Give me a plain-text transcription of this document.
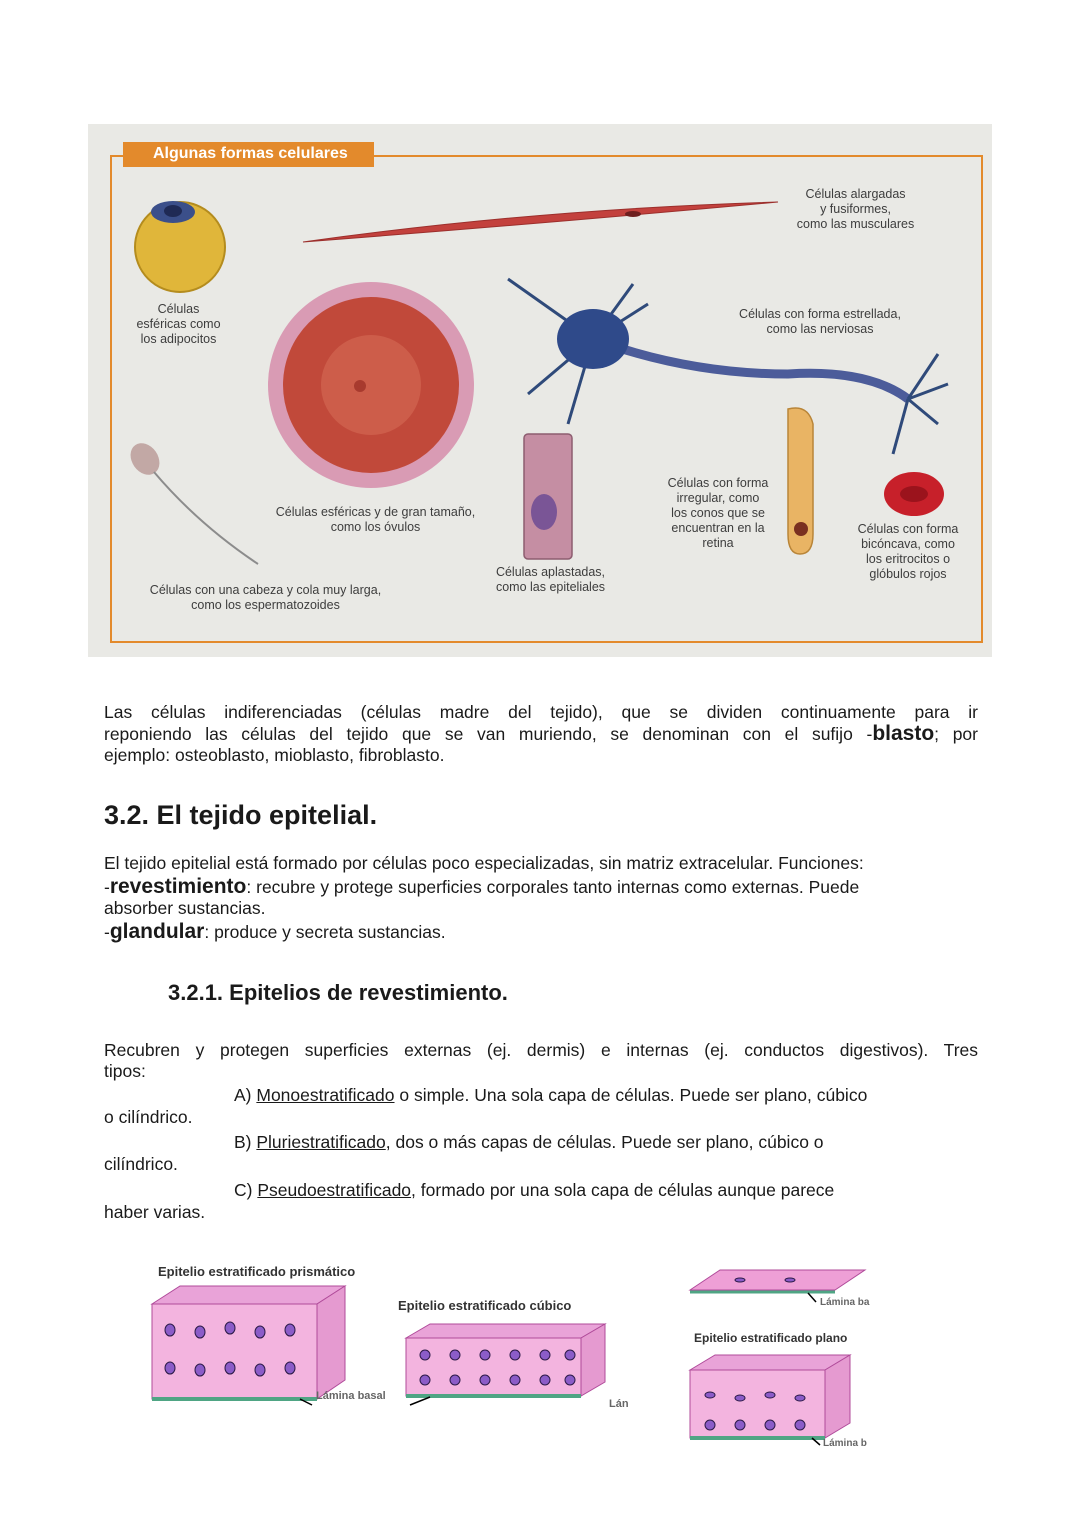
Algunas formas celulares
Células alargadas
y fusiformes,
como las musculares
Células
esféricas como
los adipocitos
Células con forma estrellada,
como las nerviosas
Células esféricas y de gran tamaño,
como los óvulos
Células con forma
irregular, como
los conos que se
encuentran en la
retina
Células con forma
bicóncava, como
los eritrocitos o
glóbulos rojos
Células aplastadas,
como las epiteliales
Células con una cabeza y cola muy larga,
como los espermatozoides
Las células indiferenciadas (células madre del tejido), que se dividen continuamente para ir
reponiendo las células del tejido que se van muriendo, se denominan con el sufijo -blasto; por
ejemplo: osteoblasto, mioblasto, fibroblasto.
3.2. El tejido epitelial.
El tejido epitelial está formado por células poco especializadas, sin matriz extracelular. Funciones:
-revestimiento: recubre y protege superficies corporales tanto internas como externas. Puede
absorber sustancias.
-glandular: produce y secreta sustancias.
3.2.1. Epitelios de revestimiento.
Recubren y protegen superficies externas (ej. dermis) e internas (ej. conductos digestivos). Tres
tipos:
A) Monoestratificado o simple. Una sola capa de células. Puede ser plano, cúbico
o cilíndrico.
B) Pluriestratificado, dos o más capas de células. Puede ser plano, cúbico o
cilíndrico.
C) Pseudoestratificado, formado por una sola capa de células aunque parece
haber varias.
Epitelio estratificado prismático
Epitelio estratificado cúbico
Epitelio estratificado plano
Lámina basal
Lán
Lámina ba
Lámina b
